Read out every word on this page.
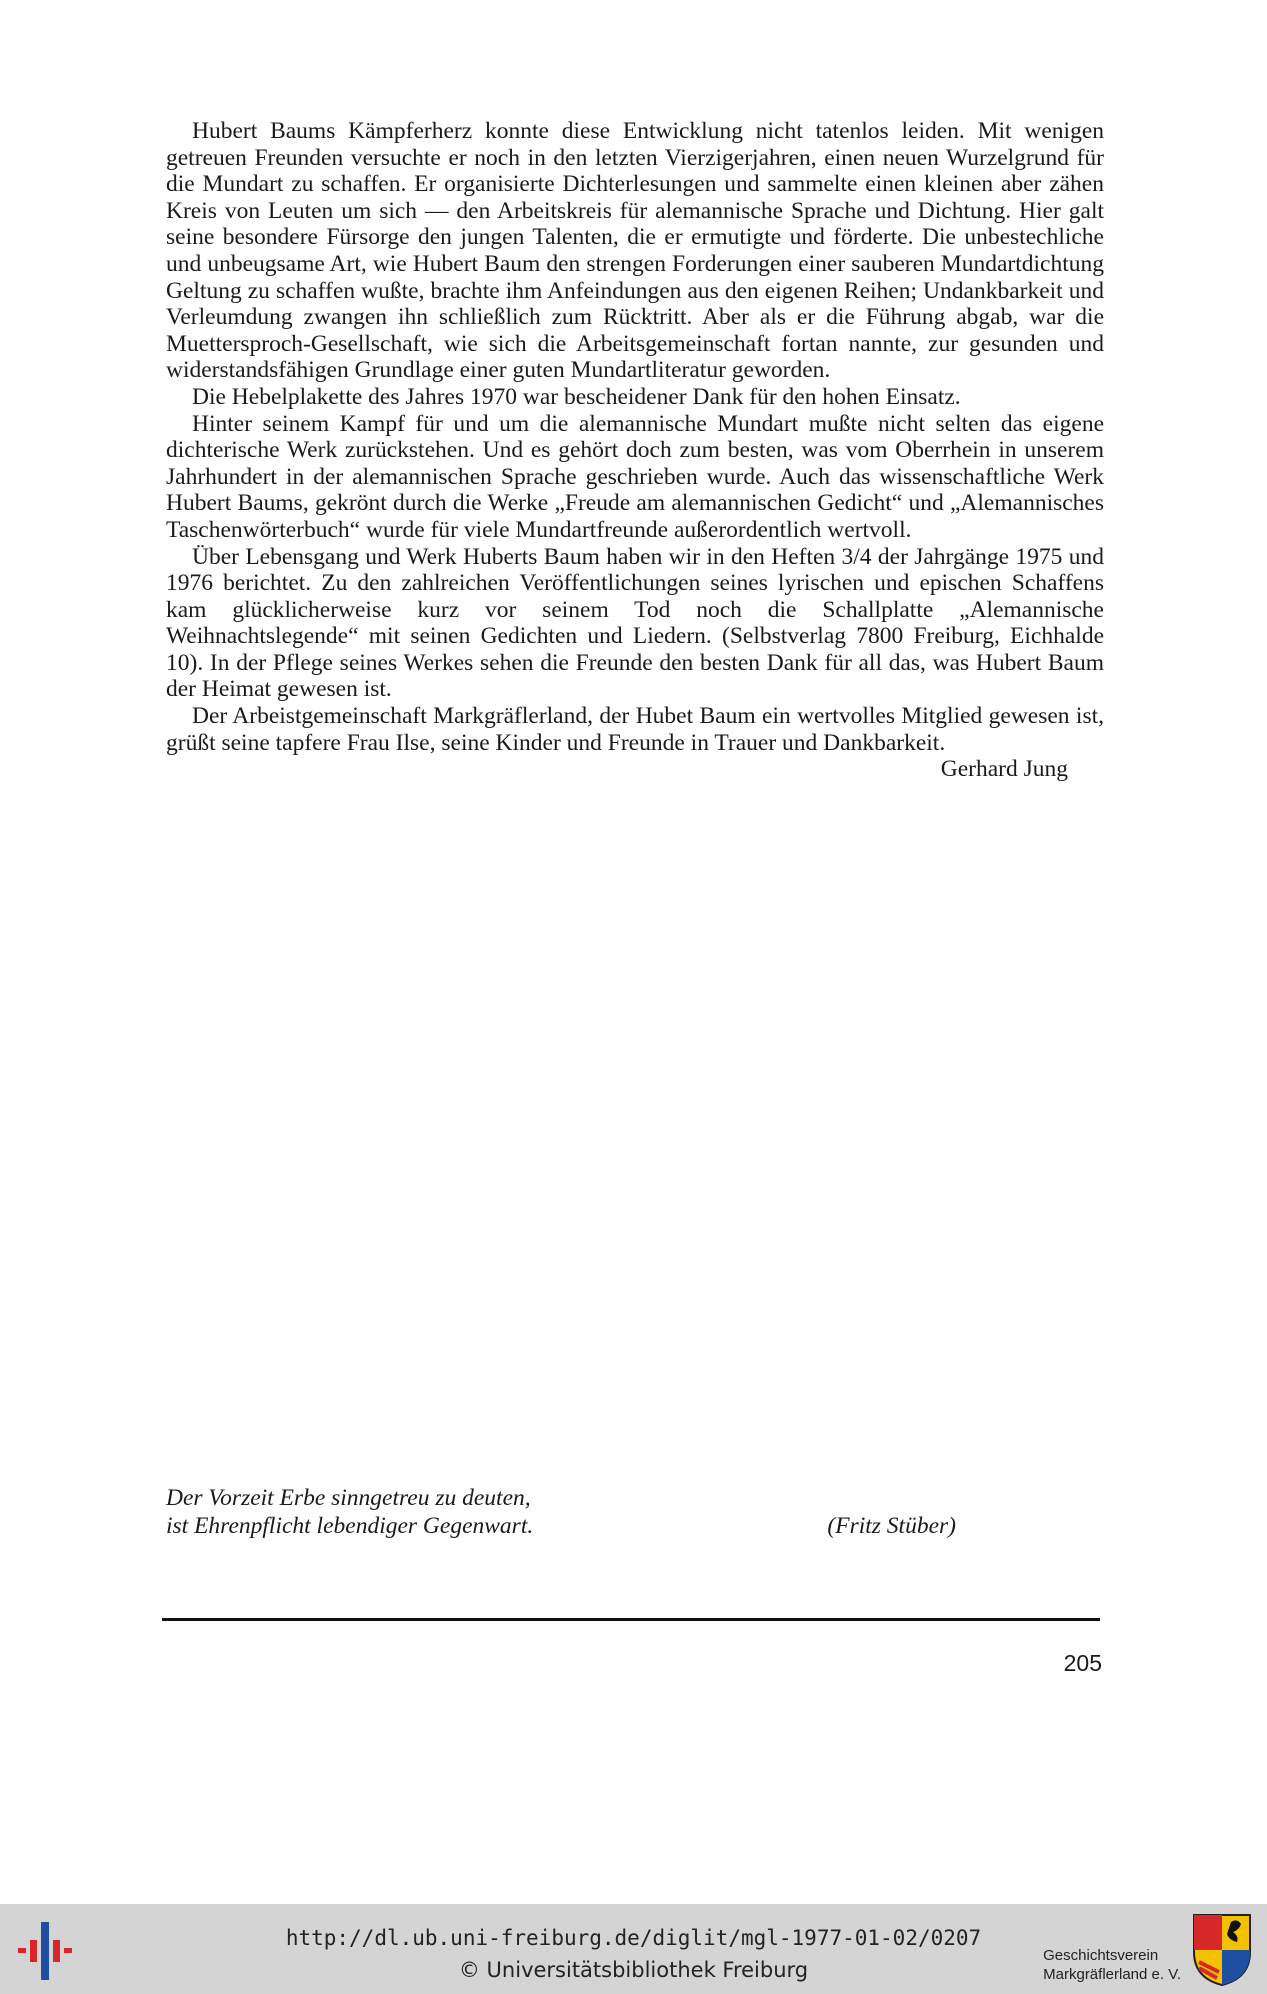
Hubert Baums Kämpferherz konnte diese Entwicklung nicht tatenlos leiden. Mit wenigen getreuen Freunden versuchte er noch in den letzten Vierzigerjahren, einen neuen Wurzelgrund für die Mundart zu schaffen. Er organisierte Dichterlesungen und sammelte einen kleinen aber zähen Kreis von Leuten um sich — den Arbeitskreis für alemannische Sprache und Dichtung. Hier galt seine besondere Fürsorge den jungen Talenten, die er ermutigte und förderte. Die unbestechliche und unbeugsame Art, wie Hubert Baum den strengen Forderungen einer sauberen Mundartdichtung Geltung zu schaffen wußte, brachte ihm Anfeindungen aus den eigenen Reihen; Undankbarkeit und Verleumdung zwangen ihn schließlich zum Rücktritt. Aber als er die Führung abgab, war die Muettersproch-Gesellschaft, wie sich die Arbeitsgemeinschaft fortan nannte, zur gesunden und widerstandsfähigen Grundlage einer guten Mundartliteratur geworden.

Die Hebelplakette des Jahres 1970 war bescheidener Dank für den hohen Einsatz.

Hinter seinem Kampf für und um die alemannische Mundart mußte nicht selten das eigene dichterische Werk zurückstehen. Und es gehört doch zum besten, was vom Oberrhein in unserem Jahrhundert in der alemannischen Sprache geschrieben wurde. Auch das wissenschaftliche Werk Hubert Baums, gekrönt durch die Werke „Freude am alemannischen Gedicht“ und „Alemannisches Taschenwörterbuch“ wurde für viele Mundartfreunde außerordentlich wertvoll.

Über Lebensgang und Werk Huberts Baum haben wir in den Heften 3/4 der Jahrgänge 1975 und 1976 berichtet. Zu den zahlreichen Veröffentlichungen seines lyrischen und epischen Schaffens kam glücklicherweise kurz vor seinem Tod noch die Schallplatte „Alemannische Weihnachtslegende“ mit seinen Gedichten und Liedern. (Selbstverlag 7800 Freiburg, Eichhalde 10). In der Pflege seines Werkes sehen die Freunde den besten Dank für all das, was Hubert Baum der Heimat gewesen ist.

Der Arbeistgemeinschaft Markgräflerland, der Hubet Baum ein wertvolles Mitglied gewesen ist, grüßt seine tapfere Frau Ilse, seine Kinder und Freunde in Trauer und Dankbarkeit.

Gerhard Jung
Der Vorzeit Erbe sinngetreu zu deuten,
ist Ehrenpflicht lebendiger Gegenwart.	(Fritz Stüber)
205
http://dl.ub.uni-freiburg.de/diglit/mgl-1977-01-02/0207
© Universitätsbibliothek Freiburg
Geschichtsverein
Markgräflerland e. V.
